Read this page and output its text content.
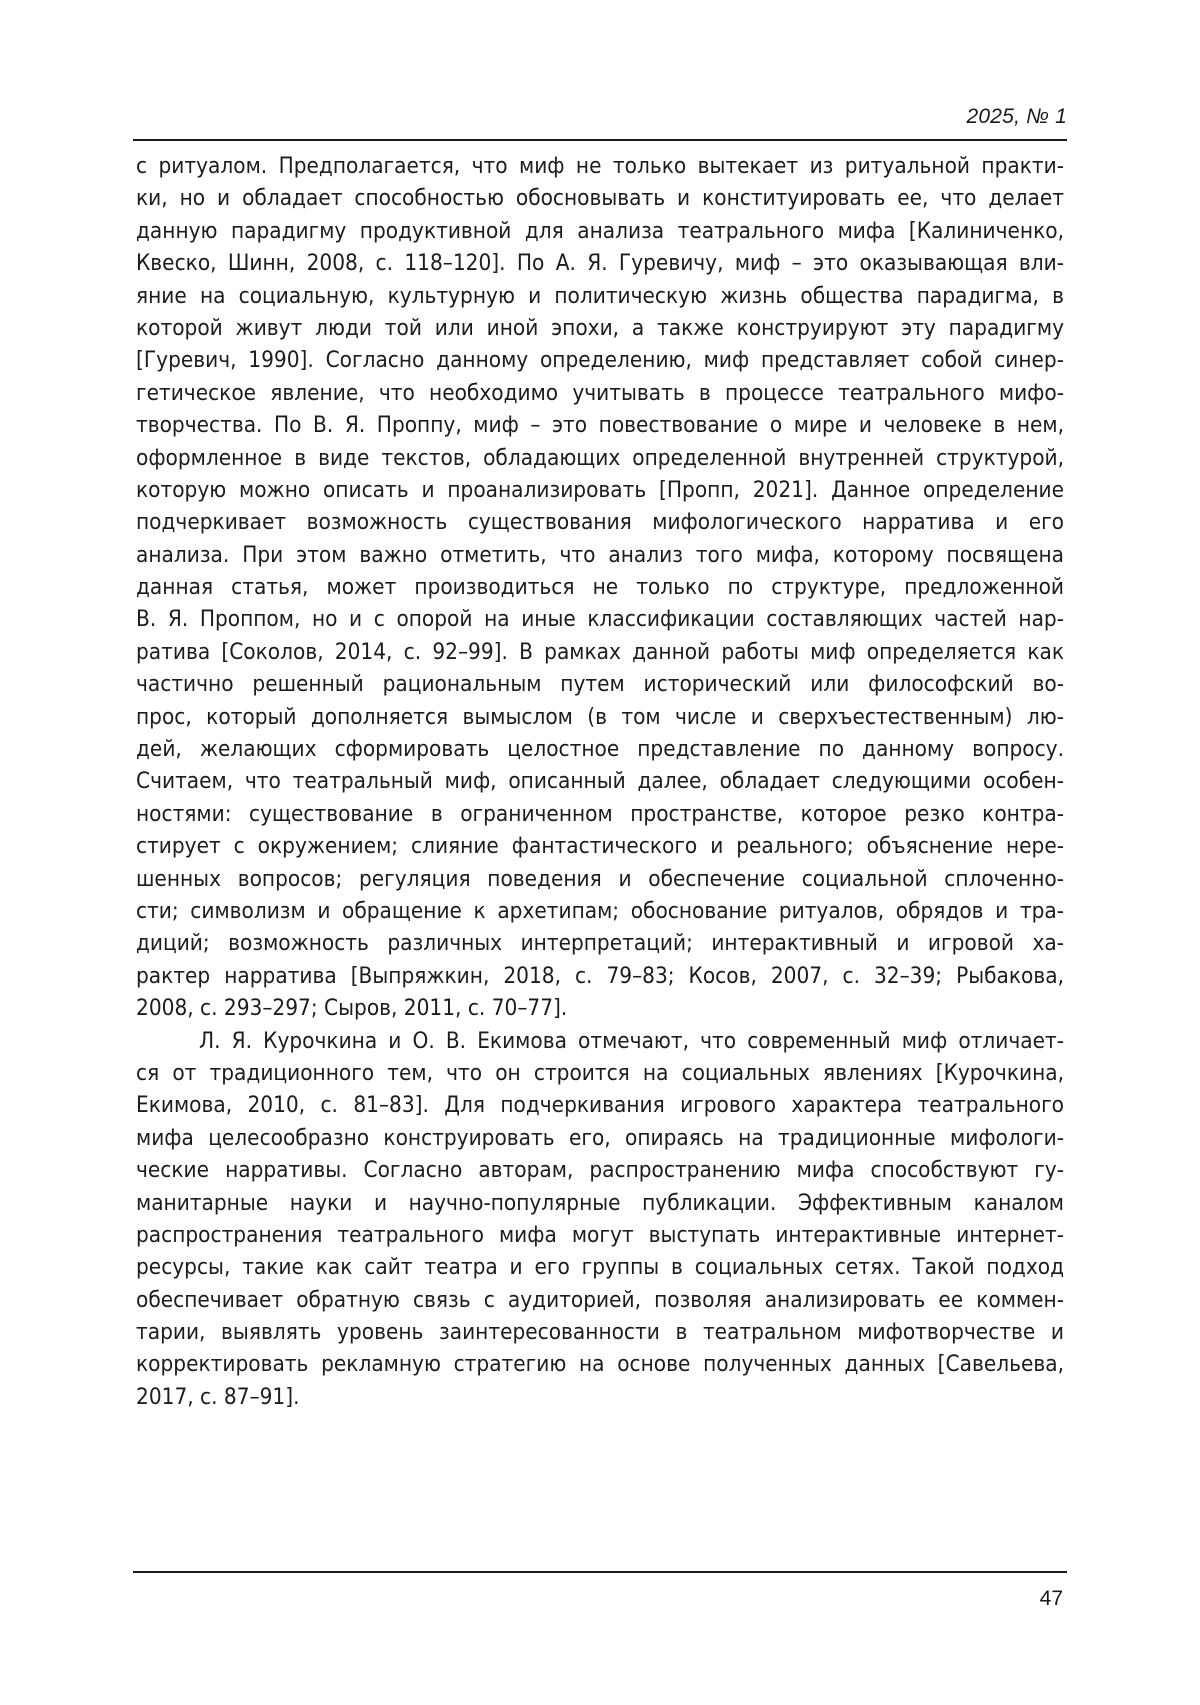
2025, № 1
с ритуалом. Предполагается, что миф не только вытекает из ритуальной практи-
ки, но и обладает способностью обосновывать и конституировать ее, что делает
данную парадигму продуктивной для анализа театрального мифа [Калиниченко,
Квеско, Шинн, 2008, с. 118–120]. По А. Я. Гуревичу, миф – это оказывающая вли-
яние на социальную, культурную и политическую жизнь общества парадигма, в
которой живут люди той или иной эпохи, а также конструируют эту парадигму
[Гуревич, 1990]. Согласно данному определению, миф представляет собой синер-
гетическое явление, что необходимо учитывать в процессе театрального мифо-
творчества. По В. Я. Проппу, миф – это повествование о мире и человеке в нем,
оформленное в виде текстов, обладающих определенной внутренней структурой,
которую можно описать и проанализировать [Пропп, 2021]. Данное определение
подчеркивает возможность существования мифологического нарратива и его
анализа. При этом важно отметить, что анализ того мифа, которому посвящена
данная статья, может производиться не только по структуре, предложенной
В. Я. Проппом, но и с опорой на иные классификации составляющих частей нар-
ратива [Соколов, 2014, с. 92–99]. В рамках данной работы миф определяется как
частично решенный рациональным путем исторический или философский во-
прос, который дополняется вымыслом (в том числе и сверхъестественным) лю-
дей, желающих сформировать целостное представление по данному вопросу.
Считаем, что театральный миф, описанный далее, обладает следующими особен-
ностями: существование в ограниченном пространстве, которое резко контра-
стирует с окружением; слияние фантастического и реального; объяснение нере-
шенных вопросов; регуляция поведения и обеспечение социальной сплоченно-
сти; символизм и обращение к архетипам; обоснование ритуалов, обрядов и тра-
диций; возможность различных интерпретаций; интерактивный и игровой ха-
рактер нарратива [Выпряжкин, 2018, с. 79–83; Косов, 2007, с. 32–39; Рыбакова,
2008, с. 293–297; Сыров, 2011, с. 70–77].
Л. Я. Курочкина и О. В. Екимова отмечают, что современный миф отличает-
ся от традиционного тем, что он строится на социальных явлениях [Курочкина,
Екимова, 2010, с. 81–83]. Для подчеркивания игрового характера театрального
мифа целесообразно конструировать его, опираясь на традиционные мифологи-
ческие нарративы. Согласно авторам, распространению мифа способствуют гу-
манитарные науки и научно-популярные публикации. Эффективным каналом
распространения театрального мифа могут выступать интерактивные интернет-
ресурсы, такие как сайт театра и его группы в социальных сетях. Такой подход
обеспечивает обратную связь с аудиторией, позволяя анализировать ее коммен-
тарии, выявлять уровень заинтересованности в театральном мифотворчестве и
корректировать рекламную стратегию на основе полученных данных [Савельева,
2017, с. 87–91].
47
